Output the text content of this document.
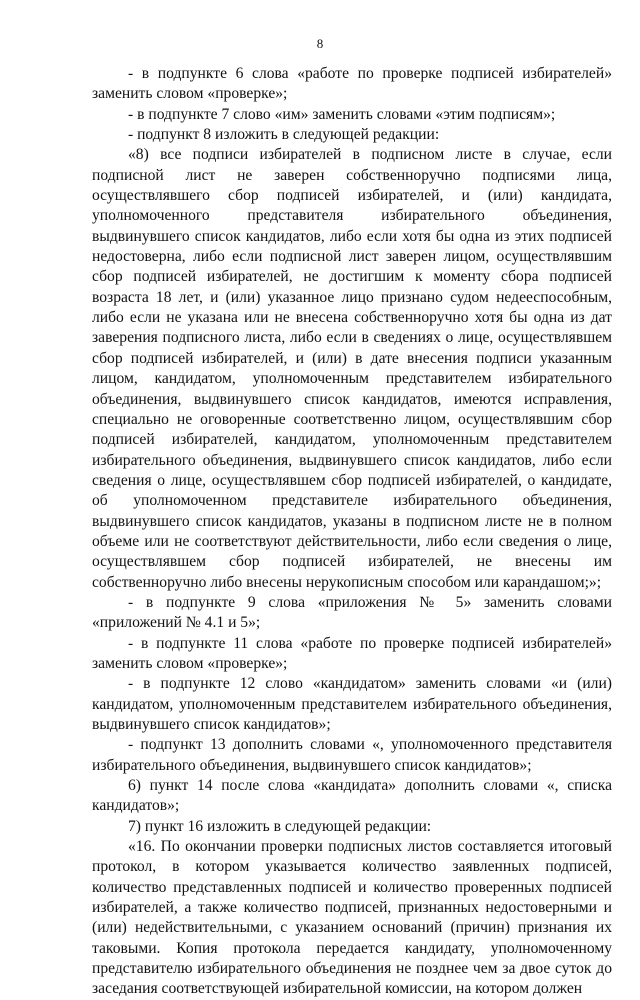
8

- в подпункте 6 слова «работе по проверке подписей избирателей» заменить словом «проверке»;

- в подпункте 7 слово «им» заменить словами «этим подписям»;

- подпункт 8 изложить в следующей редакции:

«8) все подписи избирателей в подписном листе в случае, если подписной лист не заверен собственноручно подписями лица, осуществлявшего сбор подписей избирателей, и (или) кандидата, уполномоченного представителя избирательного объединения, выдвинувшего список кандидатов, либо если хотя бы одна из этих подписей недостоверна, либо если подписной лист заверен лицом, осуществлявшим сбор подписей избирателей, не достигшим к моменту сбора подписей возраста 18 лет, и (или) указанное лицо признано судом недееспособным, либо если не указана или не внесена собственноручно хотя бы одна из дат заверения подписного листа, либо если в сведениях о лице, осуществлявшем сбор подписей избирателей, и (или) в дате внесения подписи указанным лицом, кандидатом, уполномоченным представителем избирательного объединения, выдвинувшего список кандидатов, имеются исправления, специально не оговоренные соответственно лицом, осуществлявшим сбор подписей избирателей, кандидатом, уполномоченным представителем избирательного объединения, выдвинувшего список кандидатов, либо если сведения о лице, осуществлявшем сбор подписей избирателей, о кандидате, об уполномоченном представителе избирательного объединения, выдвинувшего список кандидатов, указаны в подписном листе не в полном объеме или не соответствуют действительности, либо если сведения о лице, осуществлявшем сбор подписей избирателей, не внесены им собственноручно либо внесены нерукописным способом или карандашом;»;

- в подпункте 9 слова «приложения № 5» заменить словами «приложений № 4.1 и 5»;

- в подпункте 11 слова «работе по проверке подписей избирателей» заменить словом «проверке»;

- в подпункте 12 слово «кандидатом» заменить словами «и (или) кандидатом, уполномоченным представителем избирательного объединения, выдвинувшего список кандидатов»;

- подпункт 13 дополнить словами «, уполномоченного представителя избирательного объединения, выдвинувшего список кандидатов»;

6) пункт 14 после слова «кандидата» дополнить словами «, списка кандидатов»;

7) пункт 16 изложить в следующей редакции:

«16. По окончании проверки подписных листов составляется итоговый протокол, в котором указывается количество заявленных подписей, количество представленных подписей и количество проверенных подписей избирателей, а также количество подписей, признанных недостоверными и (или) недействительными, с указанием оснований (причин) признания их таковыми. Копия протокола передается кандидату, уполномоченному представителю избирательного объединения не позднее чем за двое суток до заседания соответствующей избирательной комиссии, на котором должен
